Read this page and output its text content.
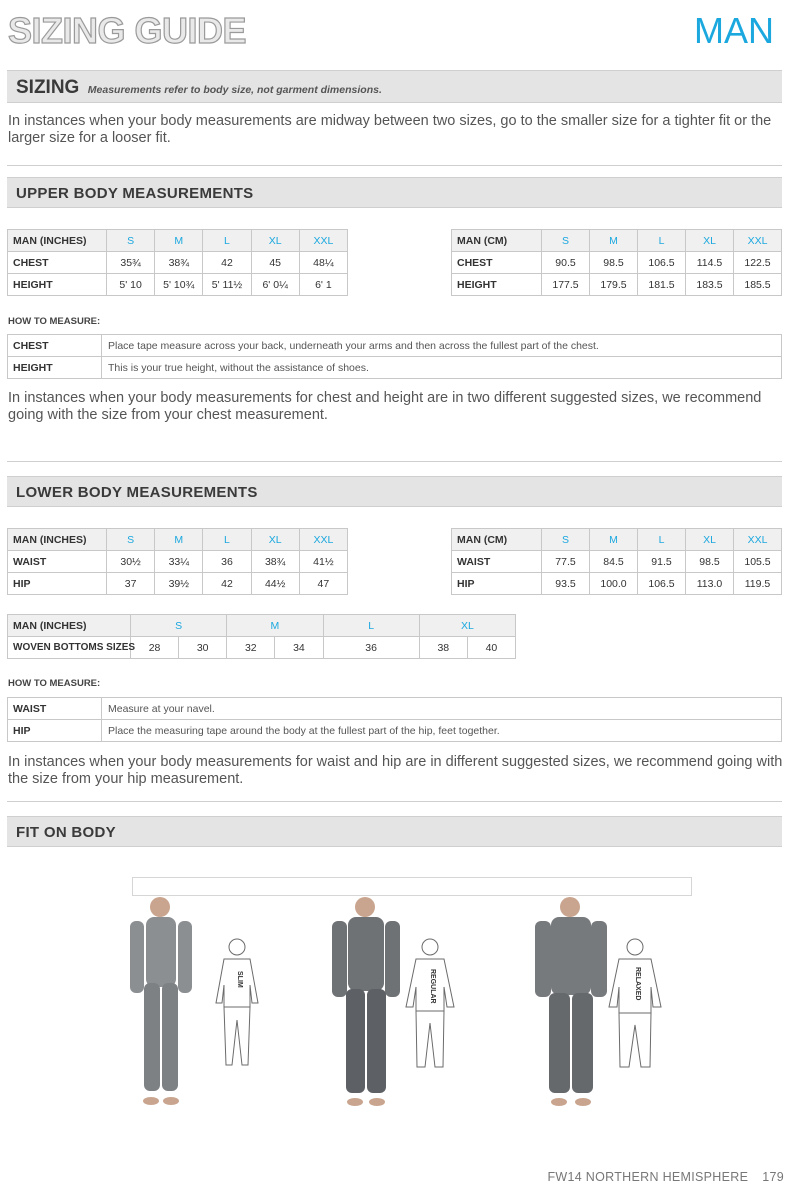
SIZING GUIDE	MAN
SIZING Measurements refer to body size, not garment dimensions.
In instances when your body measurements are midway between two sizes, go to the smaller size for a tighter fit or the larger size for a looser fit.
UPPER BODY MEASUREMENTS
MAN (INCHES)	S	M	L	XL	XXL
CHEST	35¾	38¾	42	45	48¼
HEIGHT	5' 10	5' 10¾	5' 11½	6' 0¼	6' 1
MAN (CM)	S	M	L	XL	XXL
CHEST	90.5	98.5	106.5	114.5	122.5
HEIGHT	177.5	179.5	181.5	183.5	185.5
HOW TO MEASURE:
CHEST	Place tape measure across your back, underneath your arms and then across the fullest part of the chest.
HEIGHT	This is your true height, without the assistance of shoes.
In instances when your body measurements for chest and height are in two different suggested sizes, we recommend going with the size from your chest measurement.
LOWER BODY MEASUREMENTS
MAN (INCHES)	S	M	L	XL	XXL
WAIST	30½	33¼	36	38¾	41½
HIP	37	39½	42	44½	47
MAN (CM)	S	M	L	XL	XXL
WAIST	77.5	84.5	91.5	98.5	105.5
HIP	93.5	100.0	106.5	113.0	119.5
MAN (INCHES)	S		M		L	XL	
WOVEN BOTTOMS SIZES	28	30	32	34	36	38	40
HOW TO MEASURE:
WAIST	Measure at your navel.
HIP	Place the measuring tape around the body at the fullest part of the hip, feet together.
In instances when your body measurements for waist and hip are in different suggested sizes, we recommend going with the size from your hip measurement.
FIT ON BODY
SLIM	REGULAR	RELAXED
FW14 NORTHERN HEMISPHERE 179
